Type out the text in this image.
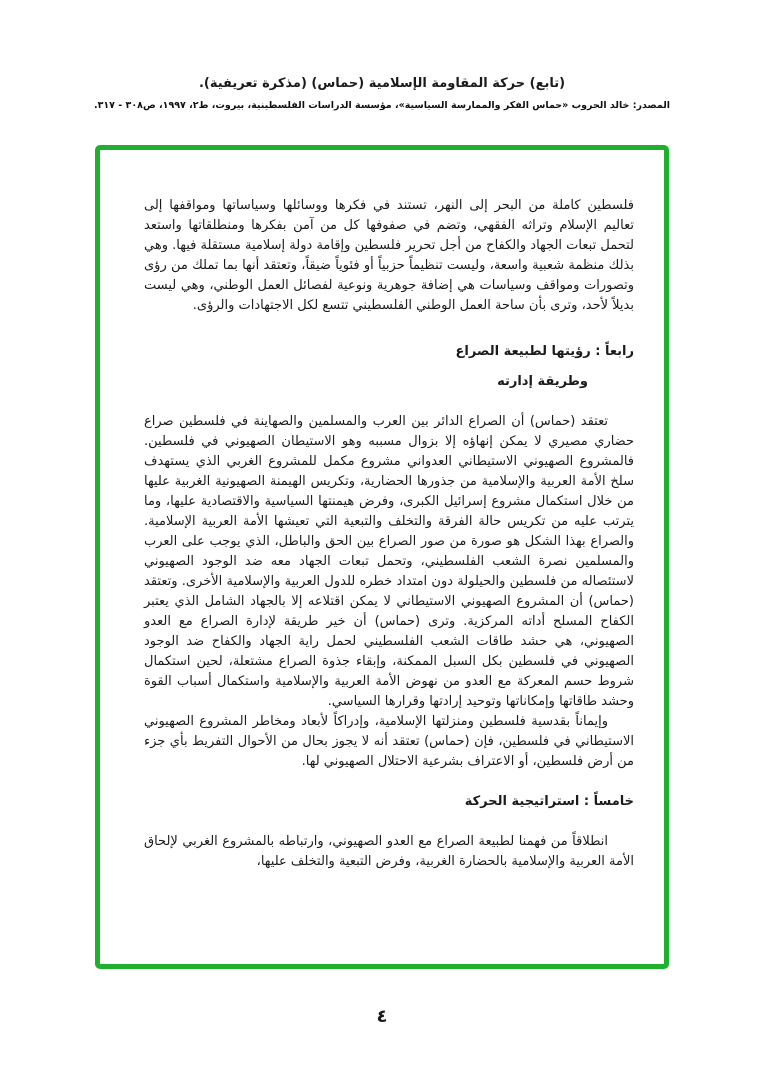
(تابع) حركة المقاومة الإسلامية (حماس) (مذكرة تعريفية).
المصدر: خالد الحروب «حماس الفكر والممارسة السياسية»، مؤسسة الدراسات الفلسطينية، بيروت، ط٢، ١٩٩٧، ص٣٠٨ - ٣١٧.

فلسطين كاملة من البحر إلى النهر، تستند في فكرها ووسائلها وسياساتها ومواقفها إلى تعاليم الإسلام وتراثه الفقهي، وتضم في صفوفها كل من آمن بفكرها ومنطلقاتها واستعد لتحمل تبعات الجهاد والكفاح من أجل تحرير فلسطين وإقامة دولة إسلامية مستقلة فيها. وهي بذلك منظمة شعبية واسعة، وليست تنظيماً حزبياً أو فئوياً ضيقاً، وتعتقد أنها بما تملك من رؤى وتصورات ومواقف وسياسات هي إضافة جوهرية ونوعية لفصائل العمل الوطني، وهي ليست بديلاً لأحد، وترى بأن ساحة العمل الوطني الفلسطيني تتسع لكل الاجتهادات والرؤى.

رابعاً : رؤيتها لطبيعة الصراع
وطريقة إدارته

تعتقد (حماس) أن الصراع الدائر بين العرب والمسلمين والصهاينة في فلسطين صراع حضاري مصيري لا يمكن إنهاؤه إلا بزوال مسببه وهو الاستيطان الصهيوني في فلسطين. فالمشروع الصهيوني الاستيطاني العدواني مشروع مكمل للمشروع الغربي الذي يستهدف سلخ الأمة العربية والإسلامية من جذورها الحضارية، وتكريس الهيمنة الصهيونية الغربية عليها من خلال استكمال مشروع إسرائيل الكبرى، وفرض هيمنتها السياسية والاقتصادية عليها، وما يترتب عليه من تكريس حالة الفرقة والتخلف والتبعية التي تعيشها الأمة العربية الإسلامية. والصراع بهذا الشكل هو صورة من صور الصراع بين الحق والباطل، الذي يوجب على العرب والمسلمين نصرة الشعب الفلسطيني، وتحمل تبعات الجهاد معه ضد الوجود الصهيوني لاستئصاله من فلسطين والحيلولة دون امتداد خطره للدول العربية والإسلامية الأخرى. وتعتقد (حماس) أن المشروع الصهيوني الاستيطاني لا يمكن اقتلاعه إلا بالجهاد الشامل الذي يعتبر الكفاح المسلح أداته المركزية. وترى (حماس) أن خير طريقة لإدارة الصراع مع العدو الصهيوني، هي حشد طاقات الشعب الفلسطيني لحمل راية الجهاد والكفاح ضد الوجود الصهيوني في فلسطين بكل السبل الممكنة، وإبقاء جذوة الصراع مشتعلة، لحين استكمال شروط حسم المعركة مع العدو من نهوض الأمة العربية والإسلامية واستكمال أسباب القوة وحشد طاقاتها وإمكاناتها وتوحيد إرادتها وقرارها السياسي.

وإيماناً بقدسية فلسطين ومنزلتها الإسلامية، وإدراكاً لأبعاد ومخاطر المشروع الصهيوني الاستيطاني في فلسطين، فإن (حماس) تعتقد أنه لا يجوز بحال من الأحوال التفريط بأي جزء من أرض فلسطين، أو الاعتراف بشرعية الاحتلال الصهيوني لها.

خامساً : استراتيجية الحركة

انطلاقاً من فهمنا لطبيعة الصراع مع العدو الصهيوني، وارتباطه بالمشروع الغربي لإلحاق الأمة العربية والإسلامية بالحضارة الغربية، وفرض التبعية والتخلف عليها،

٤
